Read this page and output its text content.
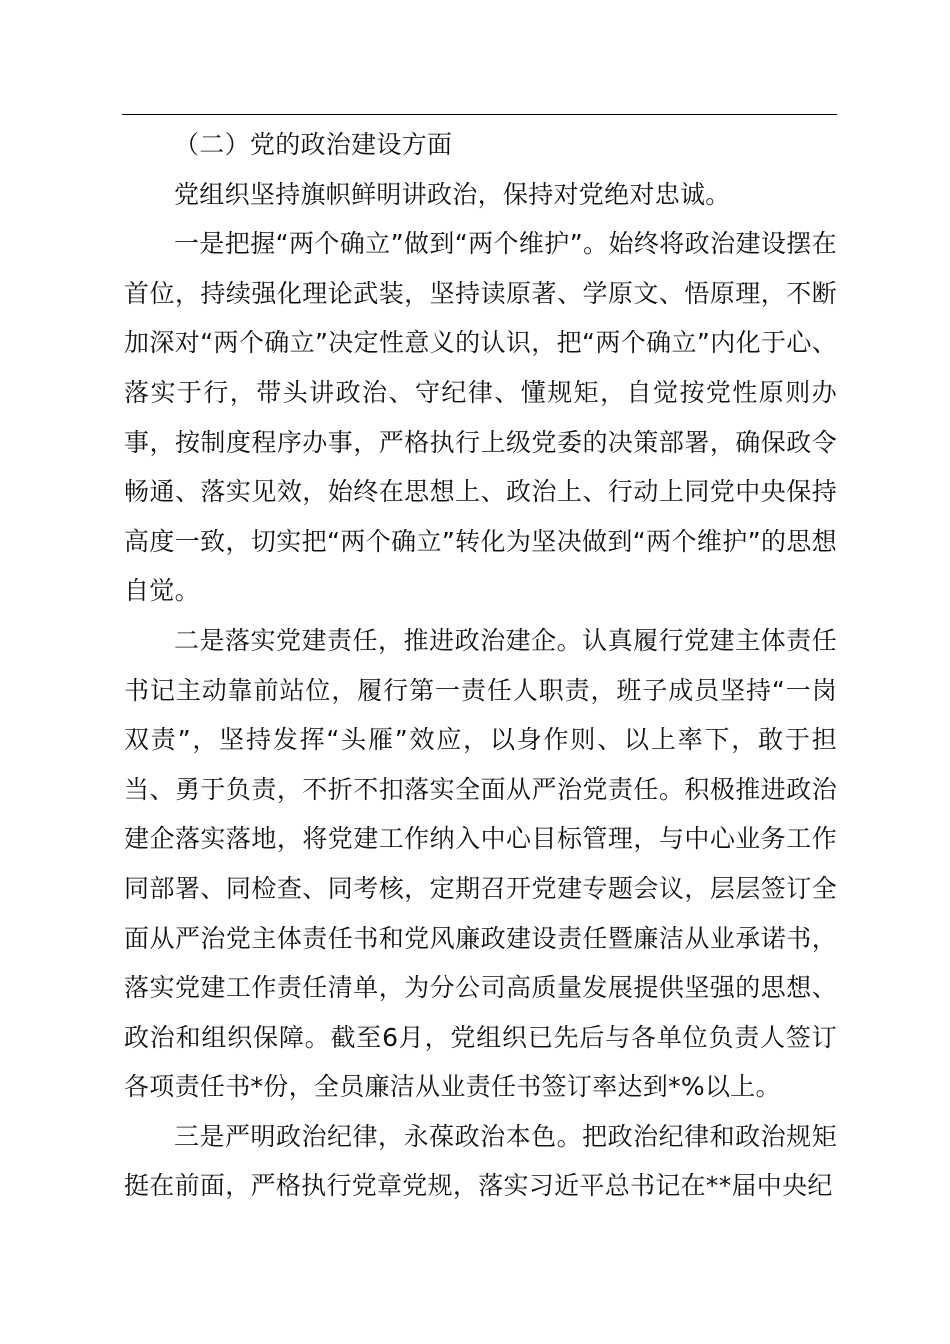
（二）党的政治建设方面

党组织坚持旗帜鲜明讲政治，保持对党绝对忠诚。

一是把握“两个确立”做到“两个维护”。始终将政治建设摆在首位，持续强化理论武装，坚持读原著、学原文、悟原理，不断加深对“两个确立”决定性意义的认识，把“两个确立”内化于心、落实于行，带头讲政治、守纪律、懂规矩，自觉按党性原则办事，按制度程序办事，严格执行上级党委的决策部署，确保政令畅通、落实见效，始终在思想上、政治上、行动上同党中央保持高度一致，切实把“两个确立”转化为坚决做到“两个维护”的思想自觉。

二是落实党建责任，推进政治建企。认真履行党建主体责任书记主动靠前站位，履行第一责任人职责，班子成员坚持“一岗双责”，坚持发挥“头雁”效应，以身作则、以上率下，敢于担当、勇于负责，不折不扣落实全面从严治党责任。积极推进政治建企落实落地，将党建工作纳入中心目标管理，与中心业务工作同部署、同检查、同考核，定期召开党建专题会议，层层签订全面从严治党主体责任书和党风廉政建设责任暨廉洁从业承诺书，落实党建工作责任清单，为分公司高质量发展提供坚强的思想、政治和组织保障。截至6月，党组织已先后与各单位负责人签订各项责任书*份，全员廉洁从业责任书签订率达到*%以上。

三是严明政治纪律，永葆政治本色。把政治纪律和政治规矩挺在前面，严格执行党章党规，落实习近平总书记在**届中央纪
